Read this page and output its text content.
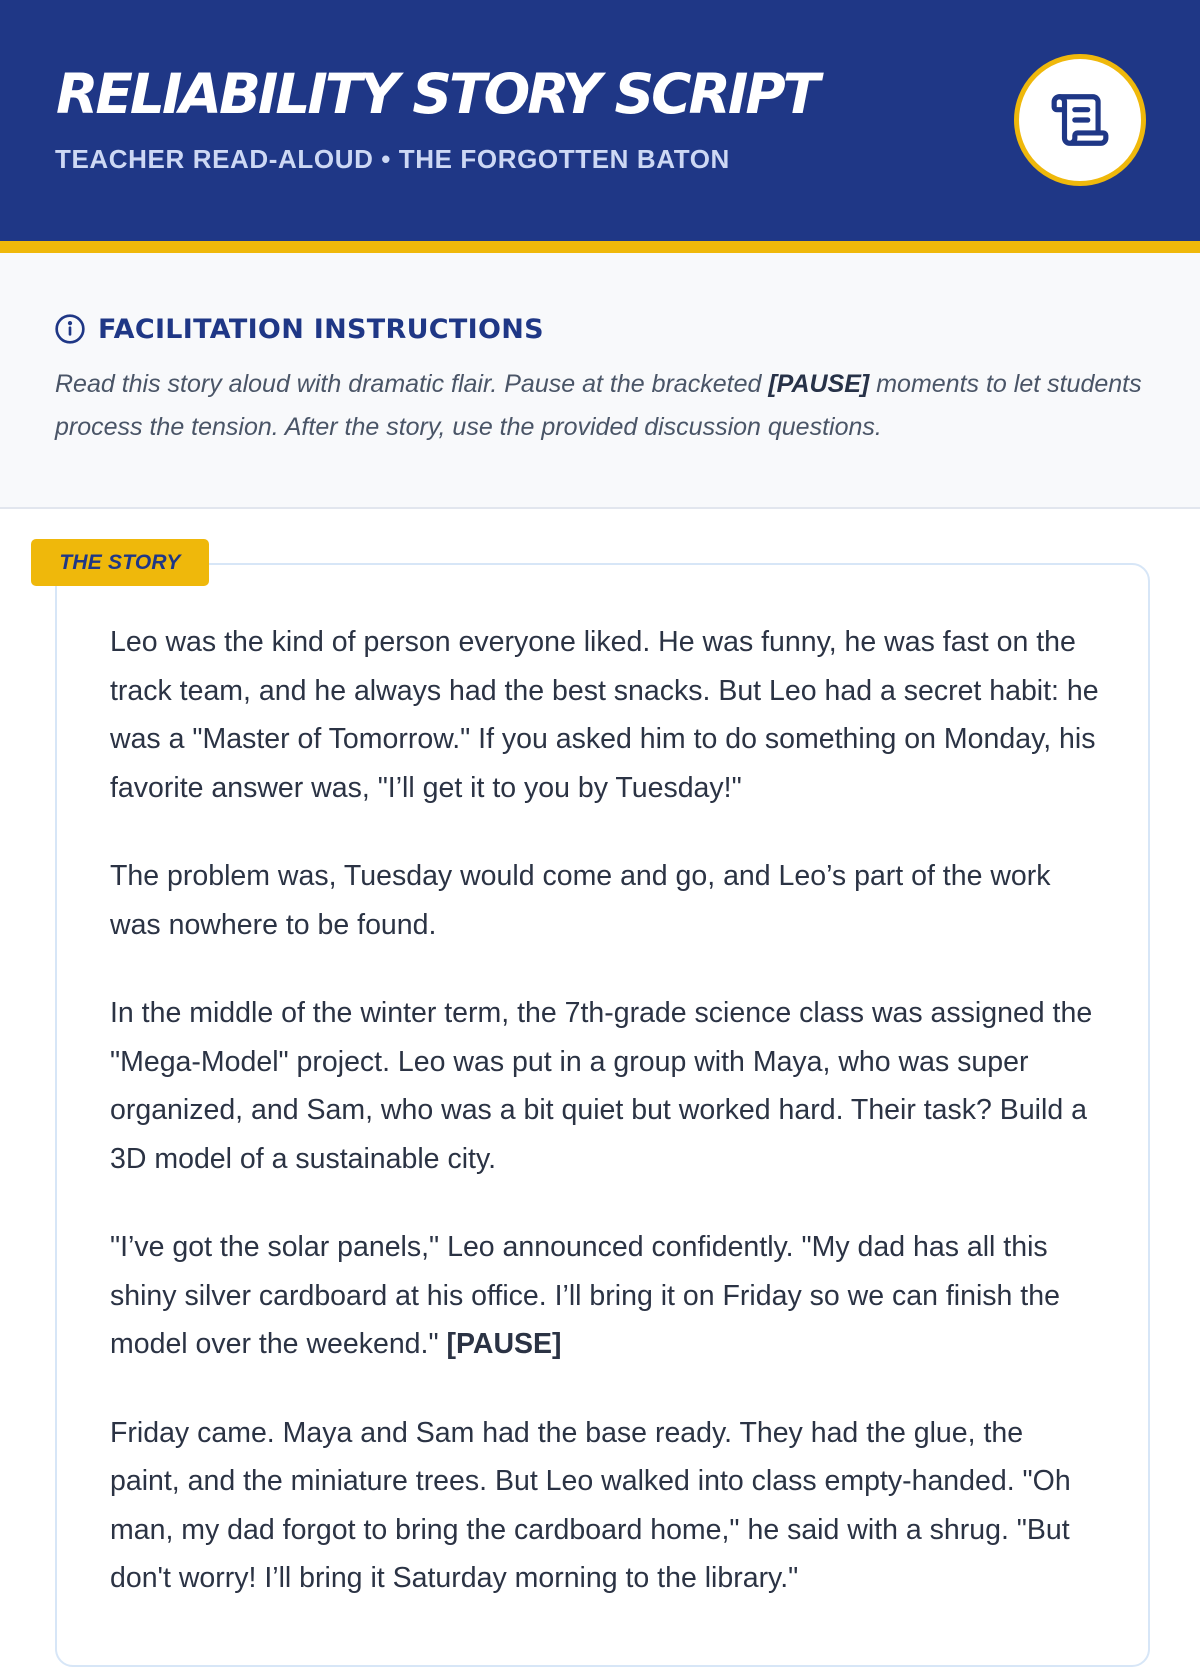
RELIABILITY STORY SCRIPT
TEACHER READ-ALOUD • THE FORGOTTEN BATON
FACILITATION INSTRUCTIONS
Read this story aloud with dramatic flair. Pause at the bracketed [PAUSE] moments to let students process the tension. After the story, use the provided discussion questions.
THE STORY

Leo was the kind of person everyone liked. He was funny, he was fast on the track team, and he always had the best snacks. But Leo had a secret habit: he was a "Master of Tomorrow." If you asked him to do something on Monday, his favorite answer was, "I’ll get it to you by Tuesday!"

The problem was, Tuesday would come and go, and Leo’s part of the work was nowhere to be found.

In the middle of the winter term, the 7th-grade science class was assigned the "Mega-Model" project. Leo was put in a group with Maya, who was super organized, and Sam, who was a bit quiet but worked hard. Their task? Build a 3D model of a sustainable city.

"I’ve got the solar panels," Leo announced confidently. "My dad has all this shiny silver cardboard at his office. I’ll bring it on Friday so we can finish the model over the weekend." [PAUSE]

Friday came. Maya and Sam had the base ready. They had the glue, the paint, and the miniature trees. But Leo walked into class empty-handed. "Oh man, my dad forgot to bring the cardboard home," he said with a shrug. "But don't worry! I’ll bring it Saturday morning to the library."
